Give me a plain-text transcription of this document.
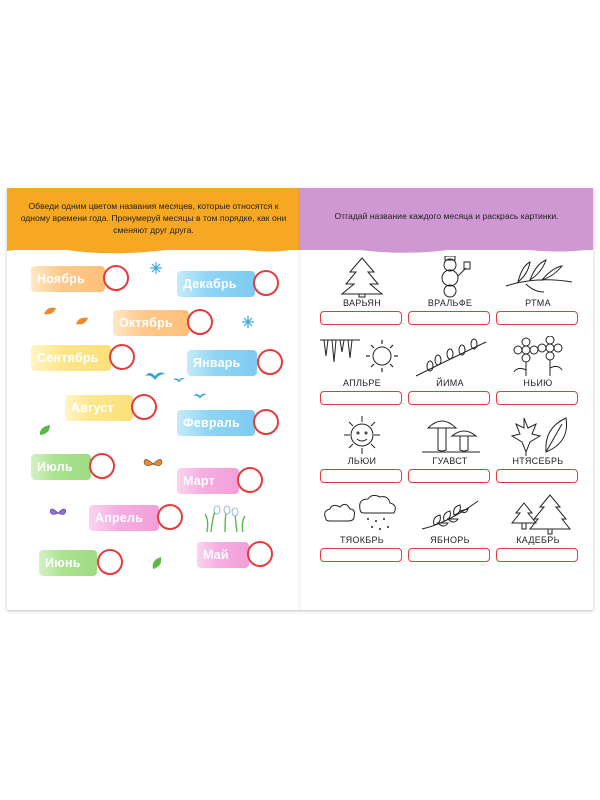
Обведи одним цветом названия месяцев, которые относятся к одному времени года. Пронумеруй месяцы в том порядке, как они сменяют друг друга.
Ноябрь	Декабрь
Октябрь
Сентябрь	Январь
Август
Февраль
Июль
Март
Апрель
Июнь
Май
Отгадай название каждого месяца и раскрась картинки.
ВАРЬЯН	ВРАЛЬФЕ	РТМА
АПЛЬРЕ	ЙИМА	НЬИЮ
ЛЬЮИ	ГУАВСТ	НТЯСЕБРЬ
ТЯОКБРЬ	ЯБНОРЬ	КАДЕБРЬ
